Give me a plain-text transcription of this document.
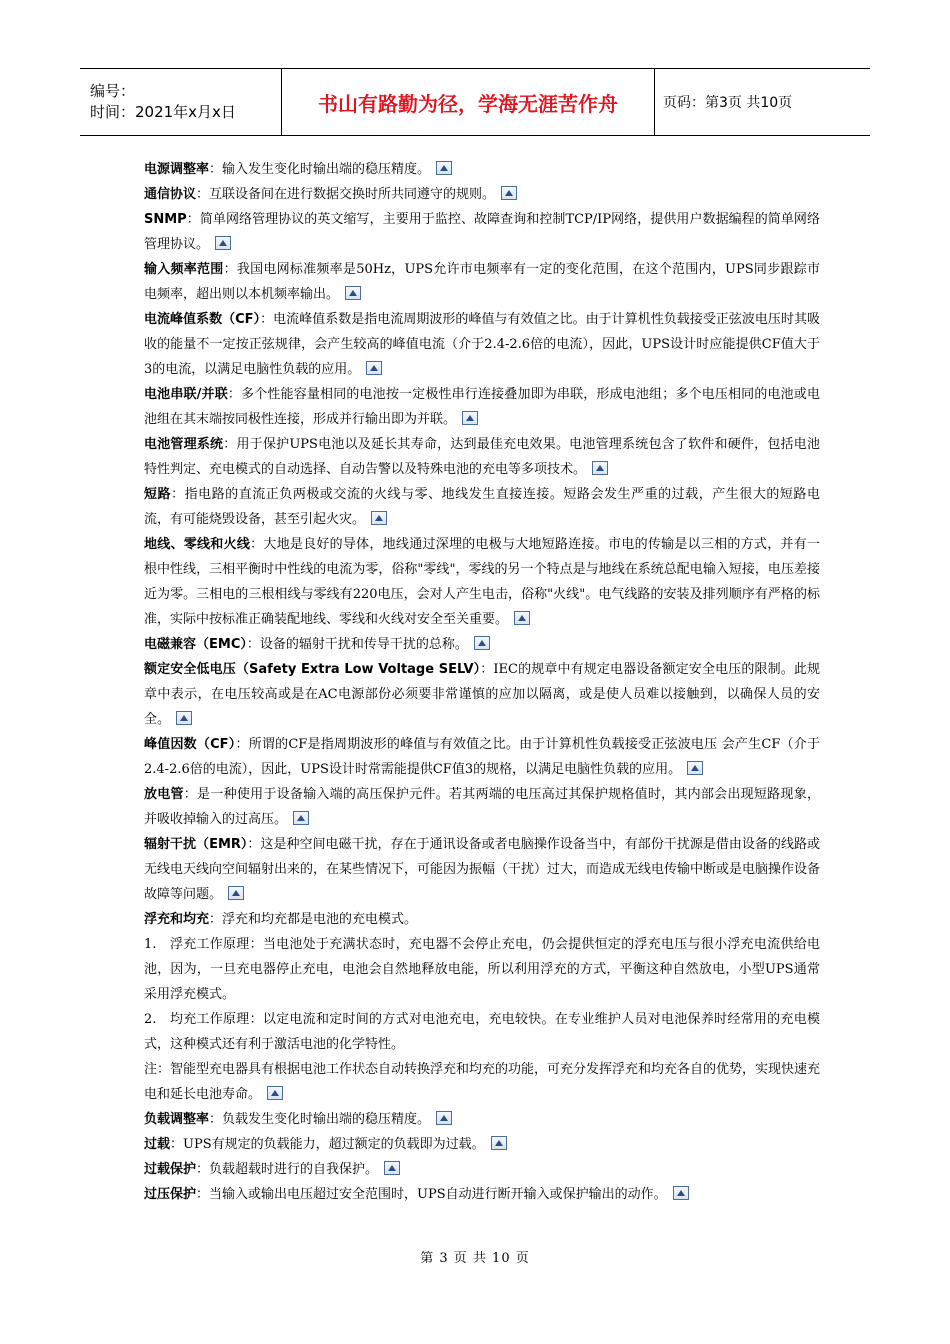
编号：
时间：2021年x月x日	书山有路勤为径，学海无涯苦作舟	页码：第3页 共10页

电源调整率：输入发生变化时输出端的稳压精度。

通信协议：互联设备间在进行数据交换时所共同遵守的规则。

SNMP：简单网络管理协议的英文缩写，主要用于监控、故障查询和控制TCP/IP网络，提供用户数据编程的简单网络管理协议。

输入频率范围：我国电网标准频率是50Hz，UPS允许市电频率有一定的变化范围，在这个范围内，UPS同步跟踪市电频率，超出则以本机频率输出。

电流峰值系数（CF）：电流峰值系数是指电流周期波形的峰值与有效值之比。由于计算机性负载接受正弦波电压时其吸收的能量不一定按正弦规律，会产生较高的峰值电流（介于2.4-2.6倍的电流），因此，UPS设计时应能提供CF值大于3的电流，以满足电脑性负载的应用。

电池串联/并联：多个性能容量相同的电池按一定极性串行连接叠加即为串联，形成电池组；多个电压相同的电池或电池组在其末端按同极性连接，形成并行输出即为并联。

电池管理系统：用于保护UPS电池以及延长其寿命，达到最佳充电效果。电池管理系统包含了软件和硬件，包括电池特性判定、充电模式的自动选择、自动告警以及特殊电池的充电等多项技术。

短路：指电路的直流正负两极或交流的火线与零、地线发生直接连接。短路会发生严重的过载，产生很大的短路电流，有可能烧毁设备，甚至引起火灾。

地线、零线和火线：大地是良好的导体，地线通过深埋的电极与大地短路连接。市电的传输是以三相的方式，并有一根中性线，三相平衡时中性线的电流为零，俗称"零线"，零线的另一个特点是与地线在系统总配电输入短接，电压差接近为零。三相电的三根相线与零线有220电压，会对人产生电击，俗称"火线"。电气线路的安装及排列顺序有严格的标准，实际中按标准正确装配地线、零线和火线对安全至关重要。

电磁兼容（EMC）：设备的辐射干扰和传导干扰的总称。

额定安全低电压（Safety Extra Low Voltage SELV）：IEC的规章中有规定电器设备额定安全电压的限制。此规章中表示，在电压较高或是在AC电源部份必须要非常谨慎的应加以隔离，或是使人员难以接触到，以确保人员的安全。

峰值因数（CF）：所谓的CF是指周期波形的峰值与有效值之比。由于计算机性负载接受正弦波电压 会产生CF（介于2.4-2.6倍的电流），因此，UPS设计时常需能提供CF值3的规格，以满足电脑性负载的应用。

放电管：是一种使用于设备输入端的高压保护元件。若其两端的电压高过其保护规格值时，其内部会出现短路现象，并吸收掉输入的过高压。

辐射干扰（EMR）：这是种空间电磁干扰，存在于通讯设备或者电脑操作设备当中，有部份干扰源是借由设备的线路或无线电天线向空间辐射出来的，在某些情况下，可能因为振幅（干扰）过大，而造成无线电传输中断或是电脑操作设备故障等问题。

浮充和均充：浮充和均充都是电池的充电模式。

1.　浮充工作原理：当电池处于充满状态时，充电器不会停止充电，仍会提供恒定的浮充电压与很小浮充电流供给电池，因为，一旦充电器停止充电，电池会自然地释放电能，所以利用浮充的方式，平衡这种自然放电，小型UPS通常采用浮充模式。

2.　均充工作原理：以定电流和定时间的方式对电池充电，充电较快。在专业维护人员对电池保养时经常用的充电模式，这种模式还有利于激活电池的化学特性。

注：智能型充电器具有根据电池工作状态自动转换浮充和均充的功能，可充分发挥浮充和均充各自的优势，实现快速充电和延长电池寿命。

负载调整率：负载发生变化时输出端的稳压精度。

过载：UPS有规定的负载能力，超过额定的负载即为过载。

过载保护：负载超载时进行的自我保护。

过压保护：当输入或输出电压超过安全范围时，UPS自动进行断开输入或保护输出的动作。

第 3 页 共 10 页
